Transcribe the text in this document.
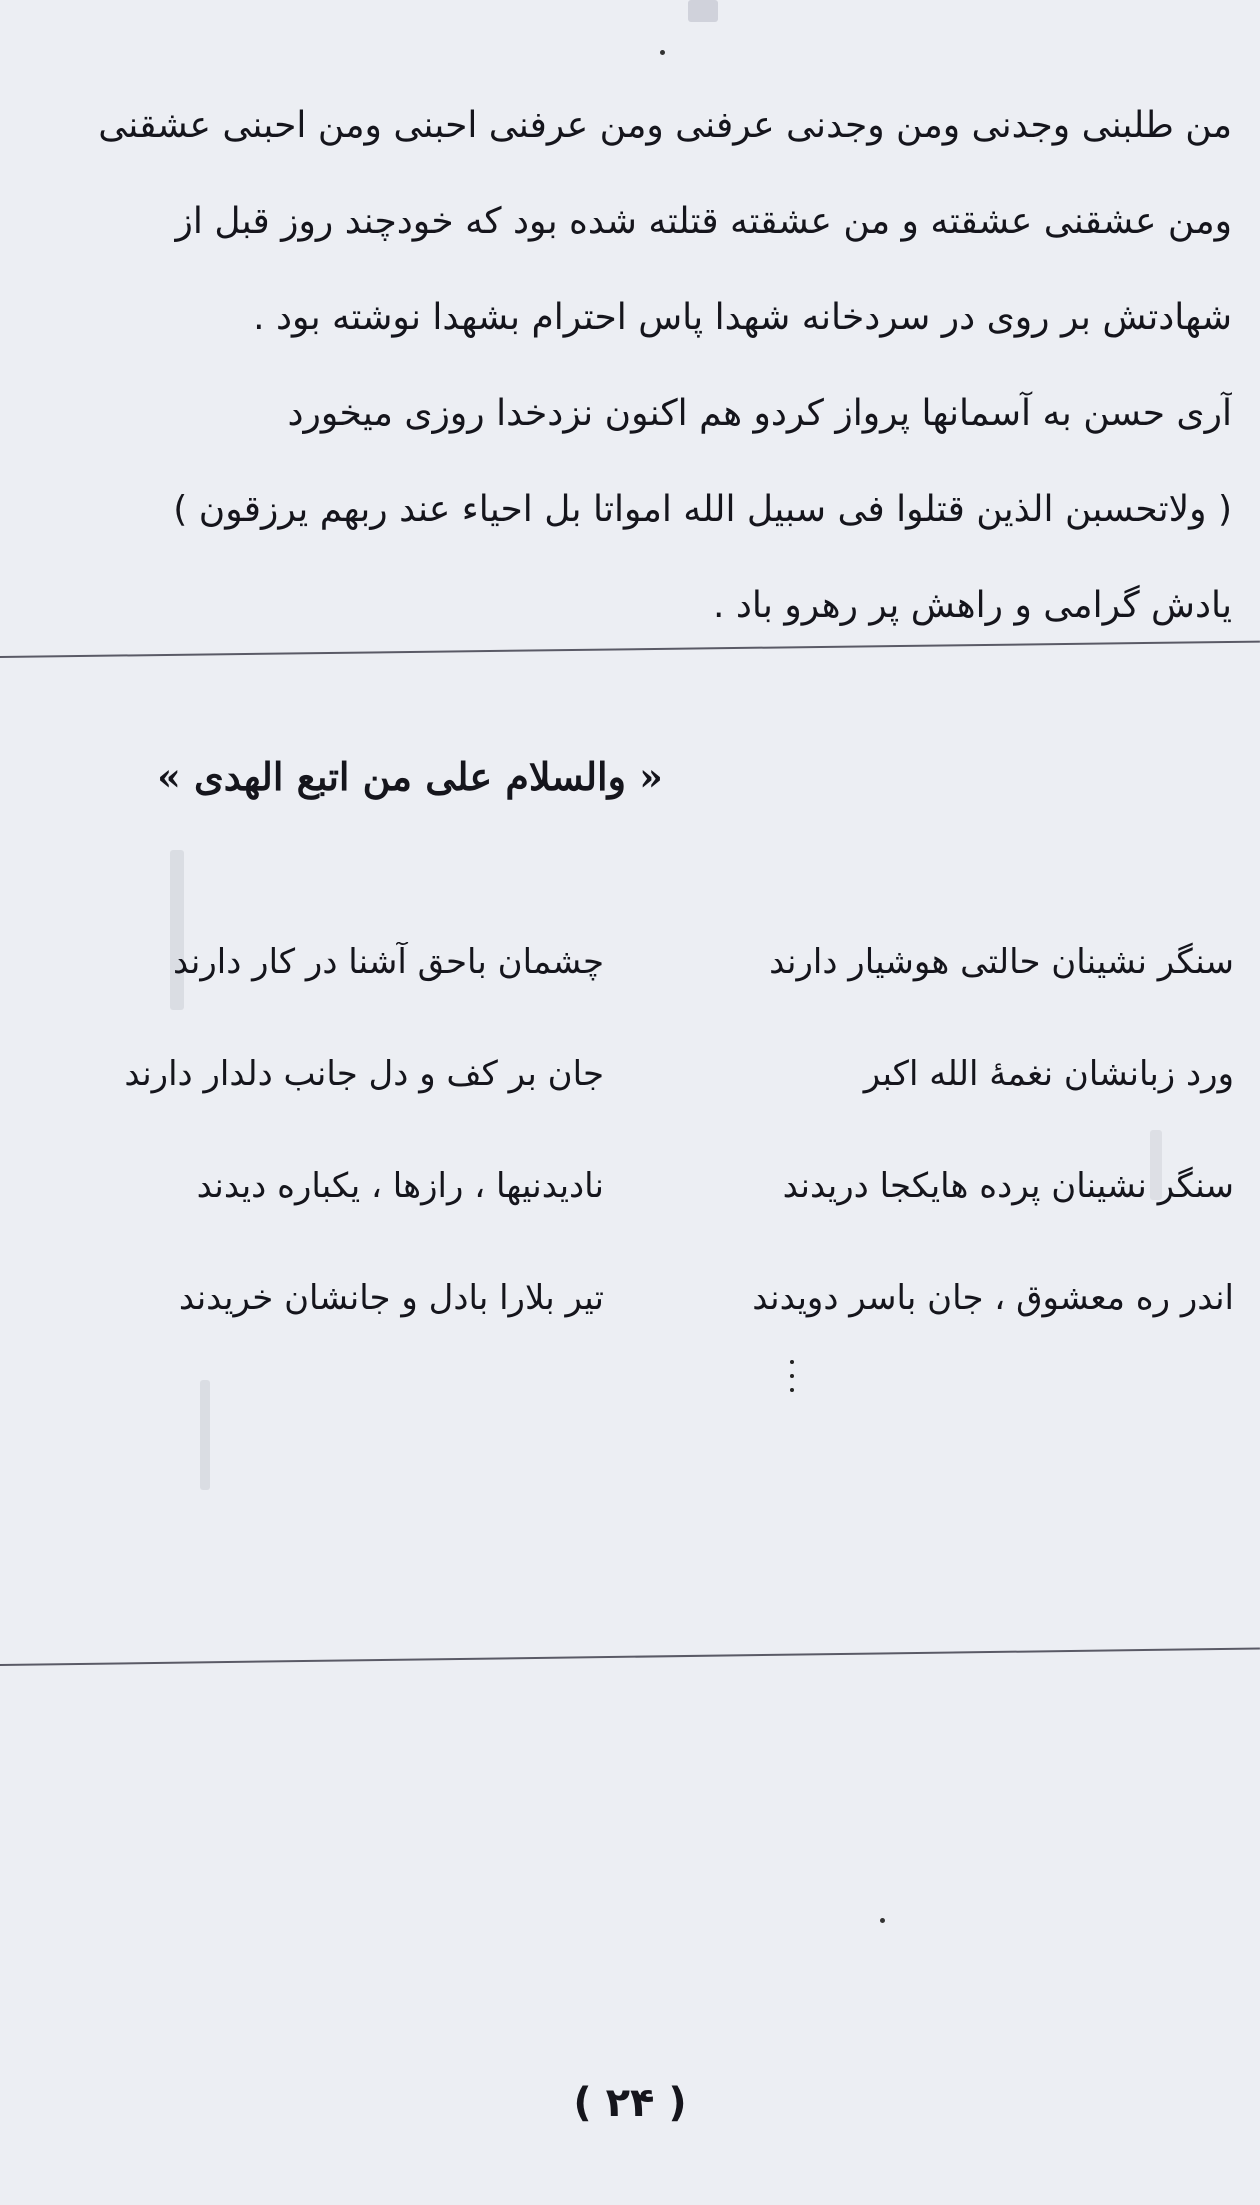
من طلبنی وجدنی ومن وجدنی عرفنی ومن عرفنی احبنی ومن احبنی عشقنی
ومن عشقنی عشقته و من عشقته قتلته شده بود که خودچند روز قبل از
شهادتش بر روی در سردخانه شهدا پاس احترام بشهدا نوشته بود .
آری حسن به آسمانها پرواز کردو هم اکنون نزدخدا روزی میخورد
( ولاتحسبن الذین قتلوا فی سبیل الله امواتا بل احیاء عند ربهم یرزقون )
یادش گرامی و راهش پر رهرو باد .
« والسلام علی من اتبع الهدی »
سنگر نشینان حالتی هوشیار دارند
چشمان باحق آشنا در کار دارند
ورد زبانشان نغمهٔ الله اکبر
جان بر کف و دل جانب دلدار دارند
سنگر نشینان پرده هایکجا دریدند
نادیدنیها ، رازها ، یکباره دیدند
اندر ره معشوق ، جان باسر دویدند
تیر بلارا بادل و جانشان خریدند
( ۲۴ )
